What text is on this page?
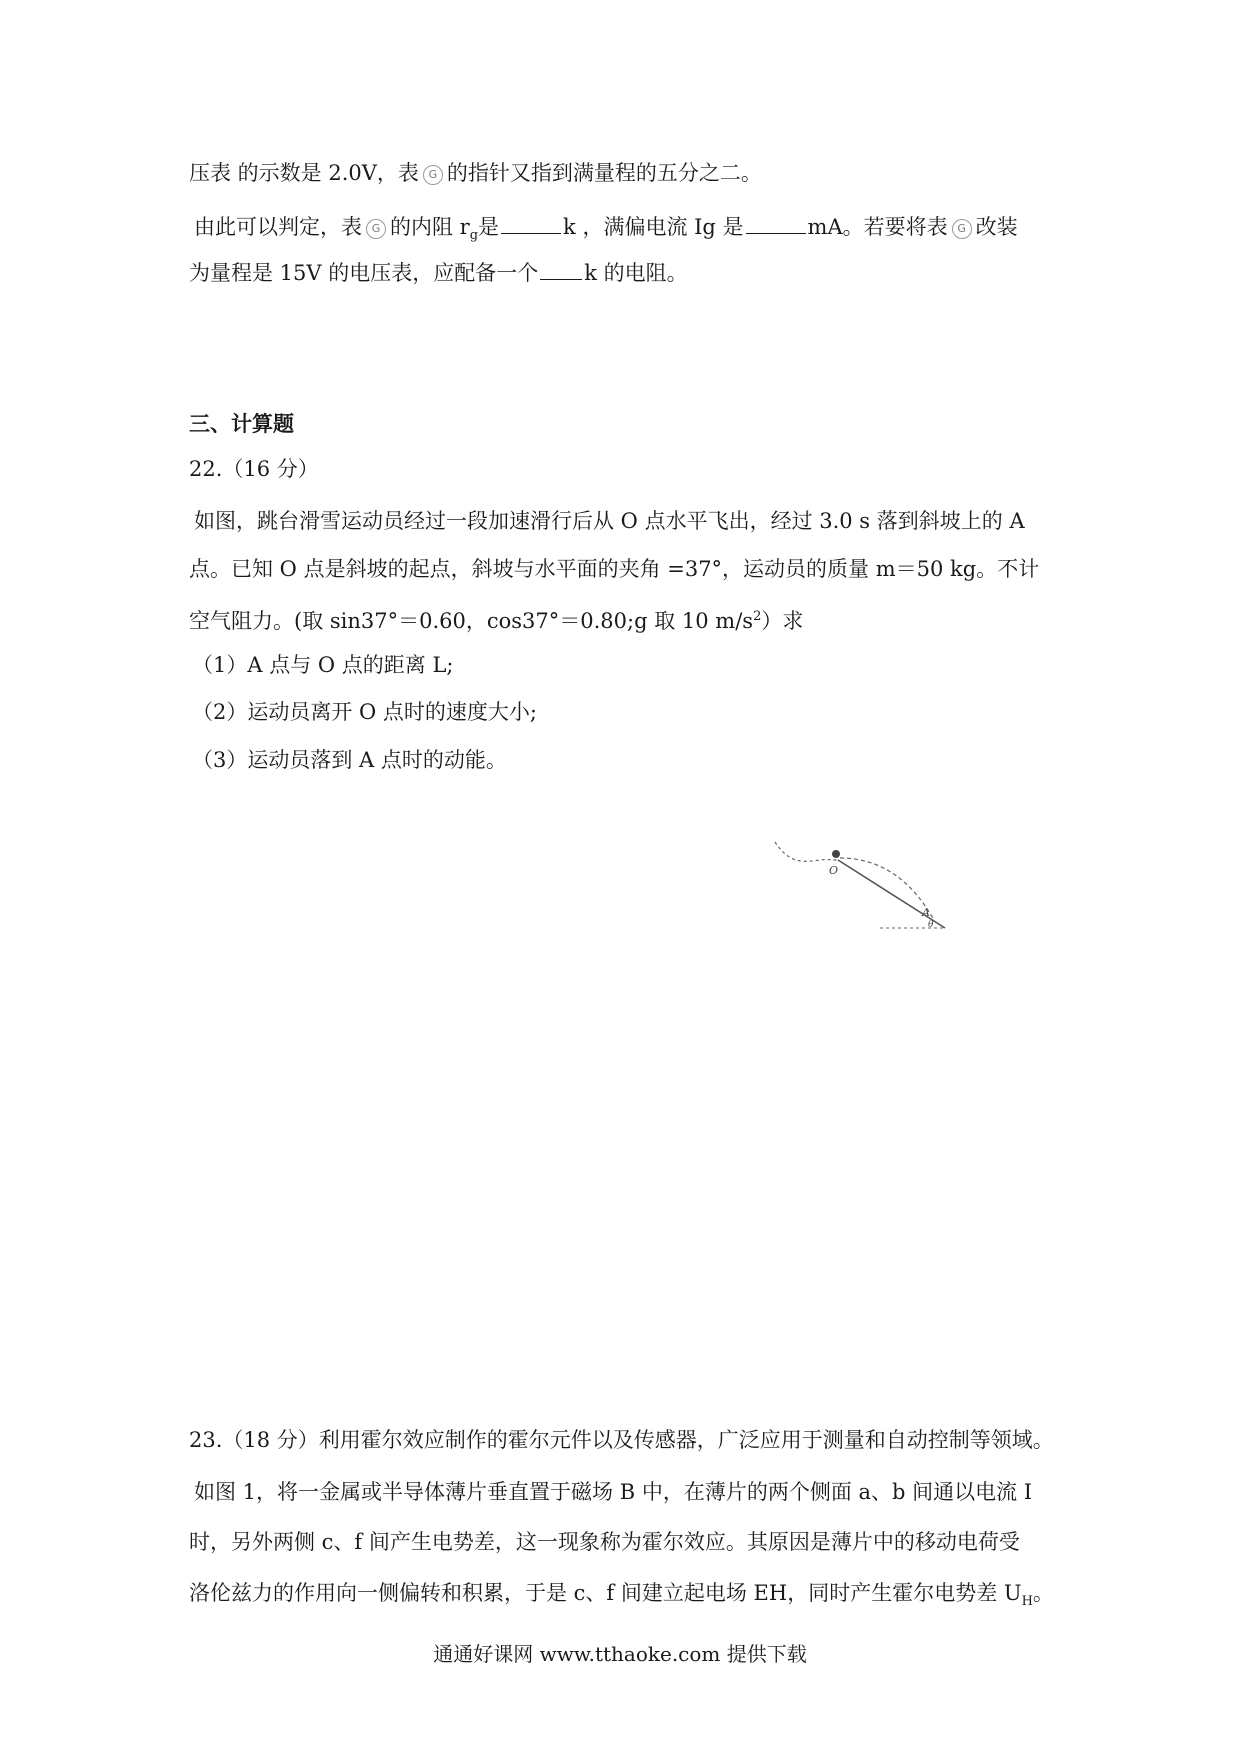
压表 的示数是 2.0V，表 G 的指针又指到满量程的五分之二。
由此可以判定，表 G 的内阻 $r_g$是	k ，满偏电流 Ig 是	mA。若要将表 G 改装
为量程是 15V 的电压表，应配备一个 k 的电阻。
三、计算题
22.（16 分）
如图，跳台滑雪运动员经过一段加速滑行后从 O 点水平飞出，经过 3.0 s 落到斜坡上的 A
点。已知 O 点是斜坡的起点，斜坡与水平面的夹角 =37°，运动员的质量 m＝50 kg。不计
空气阻力。(取 sin37°＝0.60，cos37°＝0.80;g 取 10 $m/s^2$）求
（1）A 点与 O 点的距离 L;
（2）运动员离开 O 点时的速度大小;
（3）运动员落到 A 点时的动能。
O
A
θ
23.（18 分）利用霍尔效应制作的霍尔元件以及传感器，广泛应用于测量和自动控制等领域。
如图 1，将一金属或半导体薄片垂直置于磁场 B 中，在薄片的两个侧面 a、b 间通以电流 I
时，另外两侧 c、f 间产生电势差，这一现象称为霍尔效应。其原因是薄片中的移动电荷受
洛伦兹力的作用向一侧偏转和积累，于是 c、f 间建立起电场 EH，同时产生霍尔电势差 $U_H$。
通通好课网 www.tthaoke.com 提供下载
